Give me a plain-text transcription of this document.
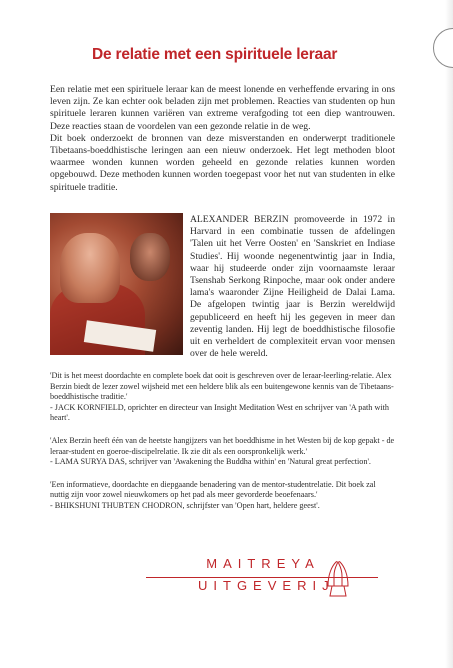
De relatie met een spirituele leraar

Een relatie met een spirituele leraar kan de meest lonende en verheffende ervaring in ons leven zijn. Ze kan echter ook beladen zijn met problemen. Reacties van studenten op hun spirituele leraren kunnen variëren van extreme verafgoding tot een diep wantrouwen. Deze reacties staan de voordelen van een gezonde relatie in de weg.

Dit boek onderzoekt de bronnen van deze misverstanden en onderwerpt traditionele Tibetaans-boeddhistische leringen aan een nieuw onderzoek. Het legt methoden bloot waarmee wonden kunnen worden geheeld en gezonde relaties kunnen worden opgebouwd. Deze methoden kunnen worden toegepast voor het nut van studenten in elke spirituele traditie.

ALEXANDER BERZIN promoveerde in 1972 in Harvard in een combinatie tussen de afdelingen 'Talen uit het Verre Oosten' en 'Sanskriet en Indiase Studies'. Hij woonde negenentwintig jaar in India, waar hij studeerde onder zijn voornaamste leraar Tsenshab Serkong Rinpoche, maar ook onder andere lama's waaronder Zijne Heiligheid de Dalai Lama. De afgelopen twintig jaar is Berzin wereldwijd gepubliceerd en heeft hij les gegeven in meer dan zeventig landen. Hij legt de boeddhistische filosofie uit en verheldert de complexiteit ervan voor mensen over de hele wereld.
'Dit is het meest doordachte en complete boek dat ooit is geschreven over de leraar-leerling-relatie. Alex Berzin biedt de lezer zowel wijsheid met een heldere blik als een buitengewone kennis van de Tibetaans-boeddhistische traditie.'
- JACK KORNFIELD, oprichter en directeur van Insight Meditation West en schrijver van 'A path with heart'.
'Alex Berzin heeft één van de heetste hangijzers van het boeddhisme in het Westen bij de kop gepakt - de leraar-student en goeroe-discipelrelatie. Ik zie dit als een oorspronkelijk werk.'
- LAMA SURYA DAS, schrijver van 'Awakening the Buddha within' en 'Natural great perfection'.
'Een informatieve, doordachte en diepgaande benadering van de mentor-studentrelatie. Dit boek zal nuttig zijn voor zowel nieuwkomers op het pad als meer gevorderde beoefenaars.'
- BHIKSHUNI THUBTEN CHODRON, schrijfster van 'Open hart, heldere geest'.
MAITREYA
UITGEVERIJ
